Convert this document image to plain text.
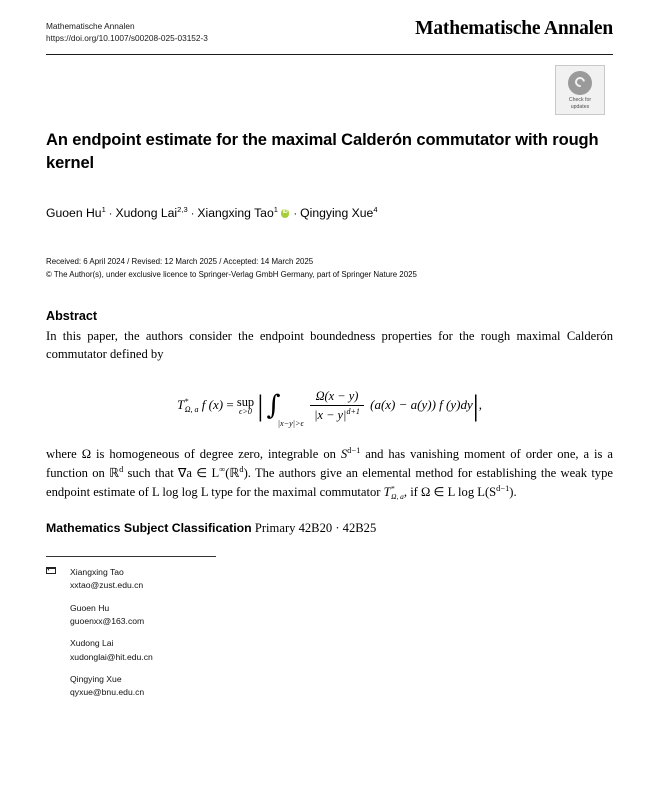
Mathematische Annalen
https://doi.org/10.1007/s00208-025-03152-3	Mathematische Annalen
Check for
updates
An endpoint estimate for the maximal Calderón commutator with rough kernel
Guoen $Hu^1$ · Xudong Lai$^{2,3}$ · Xiangxing Tao$^1$ iD · Qingying Xue$^4$
Received: 6 April 2024 / Revised: 12 March 2025 / Accepted: 14 March 2025
© The Author(s), under exclusive licence to Springer-Verlag GmbH Germany, part of Springer Nature 2025
Abstract
In this paper, the authors consider the endpoint boundedness properties for the rough maximal Calderón commutator defined by
T*
Ω, a f (x) = sup
ϵ>0 | ∫|x−y|>ϵ
$\frac{\Omega(x - y)}{|x - y|^{d+1}} (a(x) - a(y))$ f (y)dy|,
where Ω is homogeneous of degree zero, integrable on $S^{d-1}$ and has vanishing moment of order one, a is a function on ℝ$^d$ such that ∇a ∈ L∞(ℝ$^d$). The authors give an elemental method for establishing the weak type endpoint estimate of L log log L type for the maximal commutator T*
Ω, a, if Ω ∈ L $\log L(S^{d-1})$.
Mathematics Subject Classification Primary 42B20 · 42B25
Xiangxing Tao
xxtao@zust.edu.cn
Guoen Hu
guoenxx@163.com
Xudong Lai
xudonglai@hit.edu.cn
Qingying Xue
qyxue@bnu.edu.cn
